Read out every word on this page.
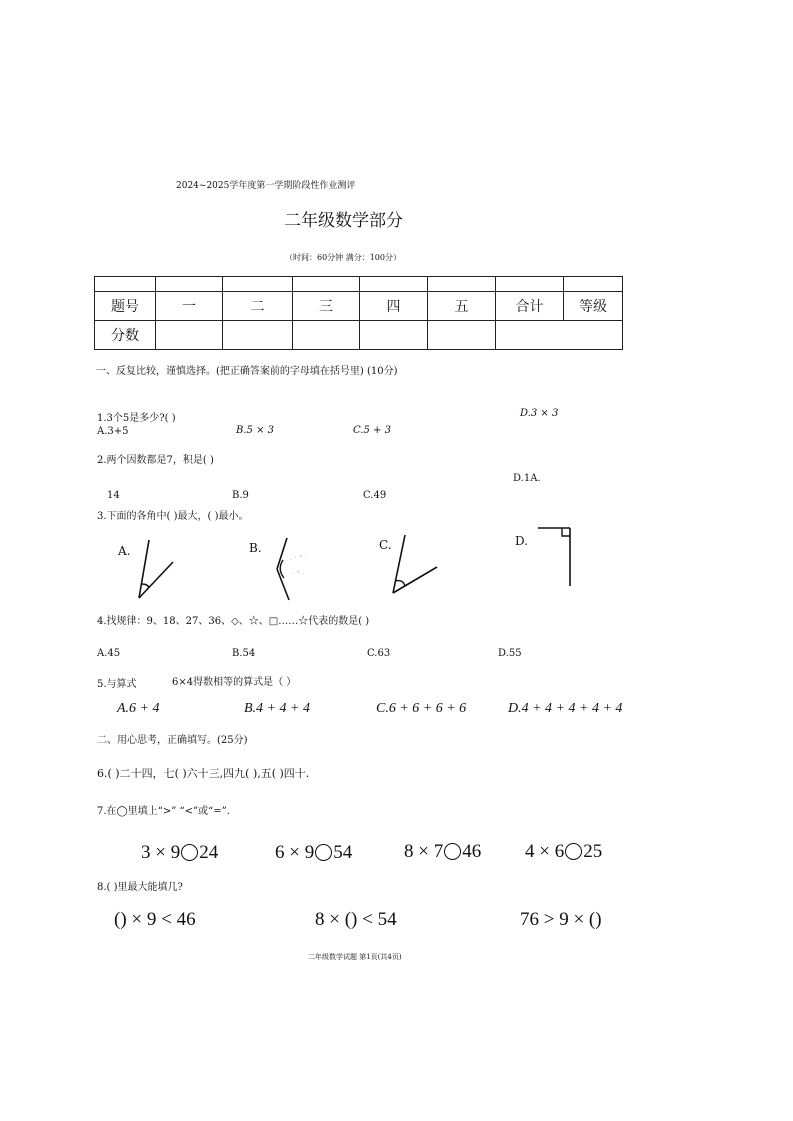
2024~2025学年度第一学期阶段性作业测评
二年级数学部分
（时间：60分钟 满分：100分）

题号	一	二	三	四	五	合计	等级
分数							
一、反复比较，谨慎选择。(把正确答案前的字母填在括号里) (10分)
1.3个5是多少?( )	D.3 × 3
A.3+5	B.5 × 3	C.5 + 3
2.两个因数都是7，积是( )
D.1A.
14	B.9	C.49
3.下面的各角中( )最大，( )最小。
A.	B.
. · ° ·
· ° ·
C.	D.
4.找规律：9、18、27、36、◇、☆、□……☆代表的数是( )
A.45	B.54	C.63	D.55
5.与算式	6×4得数相等的算式是（ ）
A.6 + 4	B.4 + 4 + 4	C.6 + 6 + 6 + 6	D.4 + 4 + 4 + 4 + 4
二、用心思考，正确填写。(25分)
6.( )二十四，七( )六十三,四九( ),五( )四十.
7.在◯里填上“>” “<”或“=”.
3 × 9 24	6 × 9 54	8 × 7 46 4 × 6 25
8.( )里最大能填几?
() × 9 < 46	8 × () < 54	76 > 9 × ()
二年级数学试题 第1页(共4页)
